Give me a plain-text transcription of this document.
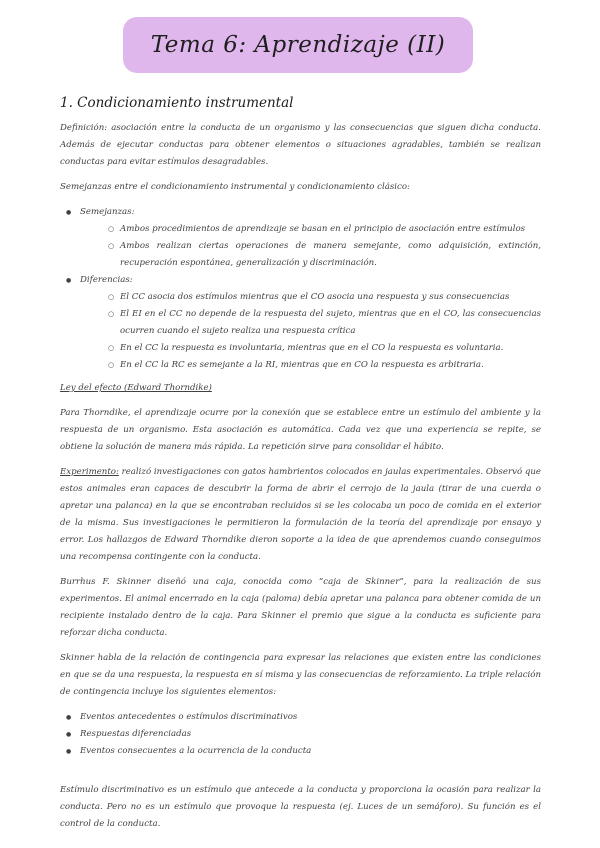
Tema 6: Aprendizaje (II)
1. Condicionamiento instrumental

Definición: asociación entre la conducta de un organismo y las consecuencias que siguen dicha conducta. Además de ejecutar conductas para obtener elementos o situaciones agradables, también se realizan conductas para evitar estímulos desagradables.

Semejanzas entre el condicionamiento instrumental y condicionamiento clásico:

● Semejanzas:
○ Ambos procedimientos de aprendizaje se basan en el principio de asociación entre estímulos
○ Ambos realizan ciertas operaciones de manera semejante, como adquisición, extinción, recuperación espontánea, generalización y discriminación.
● Diferencias:
○ El CC asocia dos estímulos mientras que el CO asocia una respuesta y sus consecuencias
○ El EI en el CC no depende de la respuesta del sujeto, mientras que en el CO, las consecuencias ocurren cuando el sujeto realiza una respuesta crítica
○ En el CC la respuesta es involuntaria, mientras que en el CO la respuesta es voluntaria.
○ En el CC la RC es semejante a la RI, mientras que en CO la respuesta es arbitraria.

Ley del efecto (Edward Thorndike)

Para Thorndike, el aprendizaje ocurre por la conexión que se establece entre un estímulo del ambiente y la respuesta de un organismo. Esta asociación es automática. Cada vez que una experiencia se repite, se obtiene la solución de manera más rápida. La repetición sirve para consolidar el hábito.

Experimento: realizó investigaciones con gatos hambrientos colocados en jaulas experimentales. Observó que estos animales eran capaces de descubrir la forma de abrir el cerrojo de la jaula (tirar de una cuerda o apretar una palanca) en la que se encontraban recluidos si se les colocaba un poco de comida en el exterior de la misma. Sus investigaciones le permitieron la formulación de la teoría del aprendizaje por ensayo y error. Los hallazgos de Edward Thorndike dieron soporte a la idea de que aprendemos cuando conseguimos una recompensa contingente con la conducta.

Burrhus F. Skinner diseñó una caja, conocida como “caja de Skinner”, para la realización de sus experimentos. El animal encerrado en la caja (paloma) debía apretar una palanca para obtener comida de un recipiente instalado dentro de la caja. Para Skinner el premio que sigue a la conducta es suficiente para reforzar dicha conducta.

Skinner habla de la relación de contingencia para expresar las relaciones que existen entre las condiciones en que se da una respuesta, la respuesta en sí misma y las consecuencias de reforzamiento. La triple relación de contingencia incluye los siguientes elementos:

● Eventos antecedentes o estímulos discriminativos
● Respuestas diferenciadas
● Eventos consecuentes a la ocurrencia de la conducta

Estímulo discriminativo es un estímulo que antecede a la conducta y proporciona la ocasión para realizar la conducta. Pero no es un estímulo que provoque la respuesta (ej. Luces de un semáforo). Su función es el control de la conducta.
